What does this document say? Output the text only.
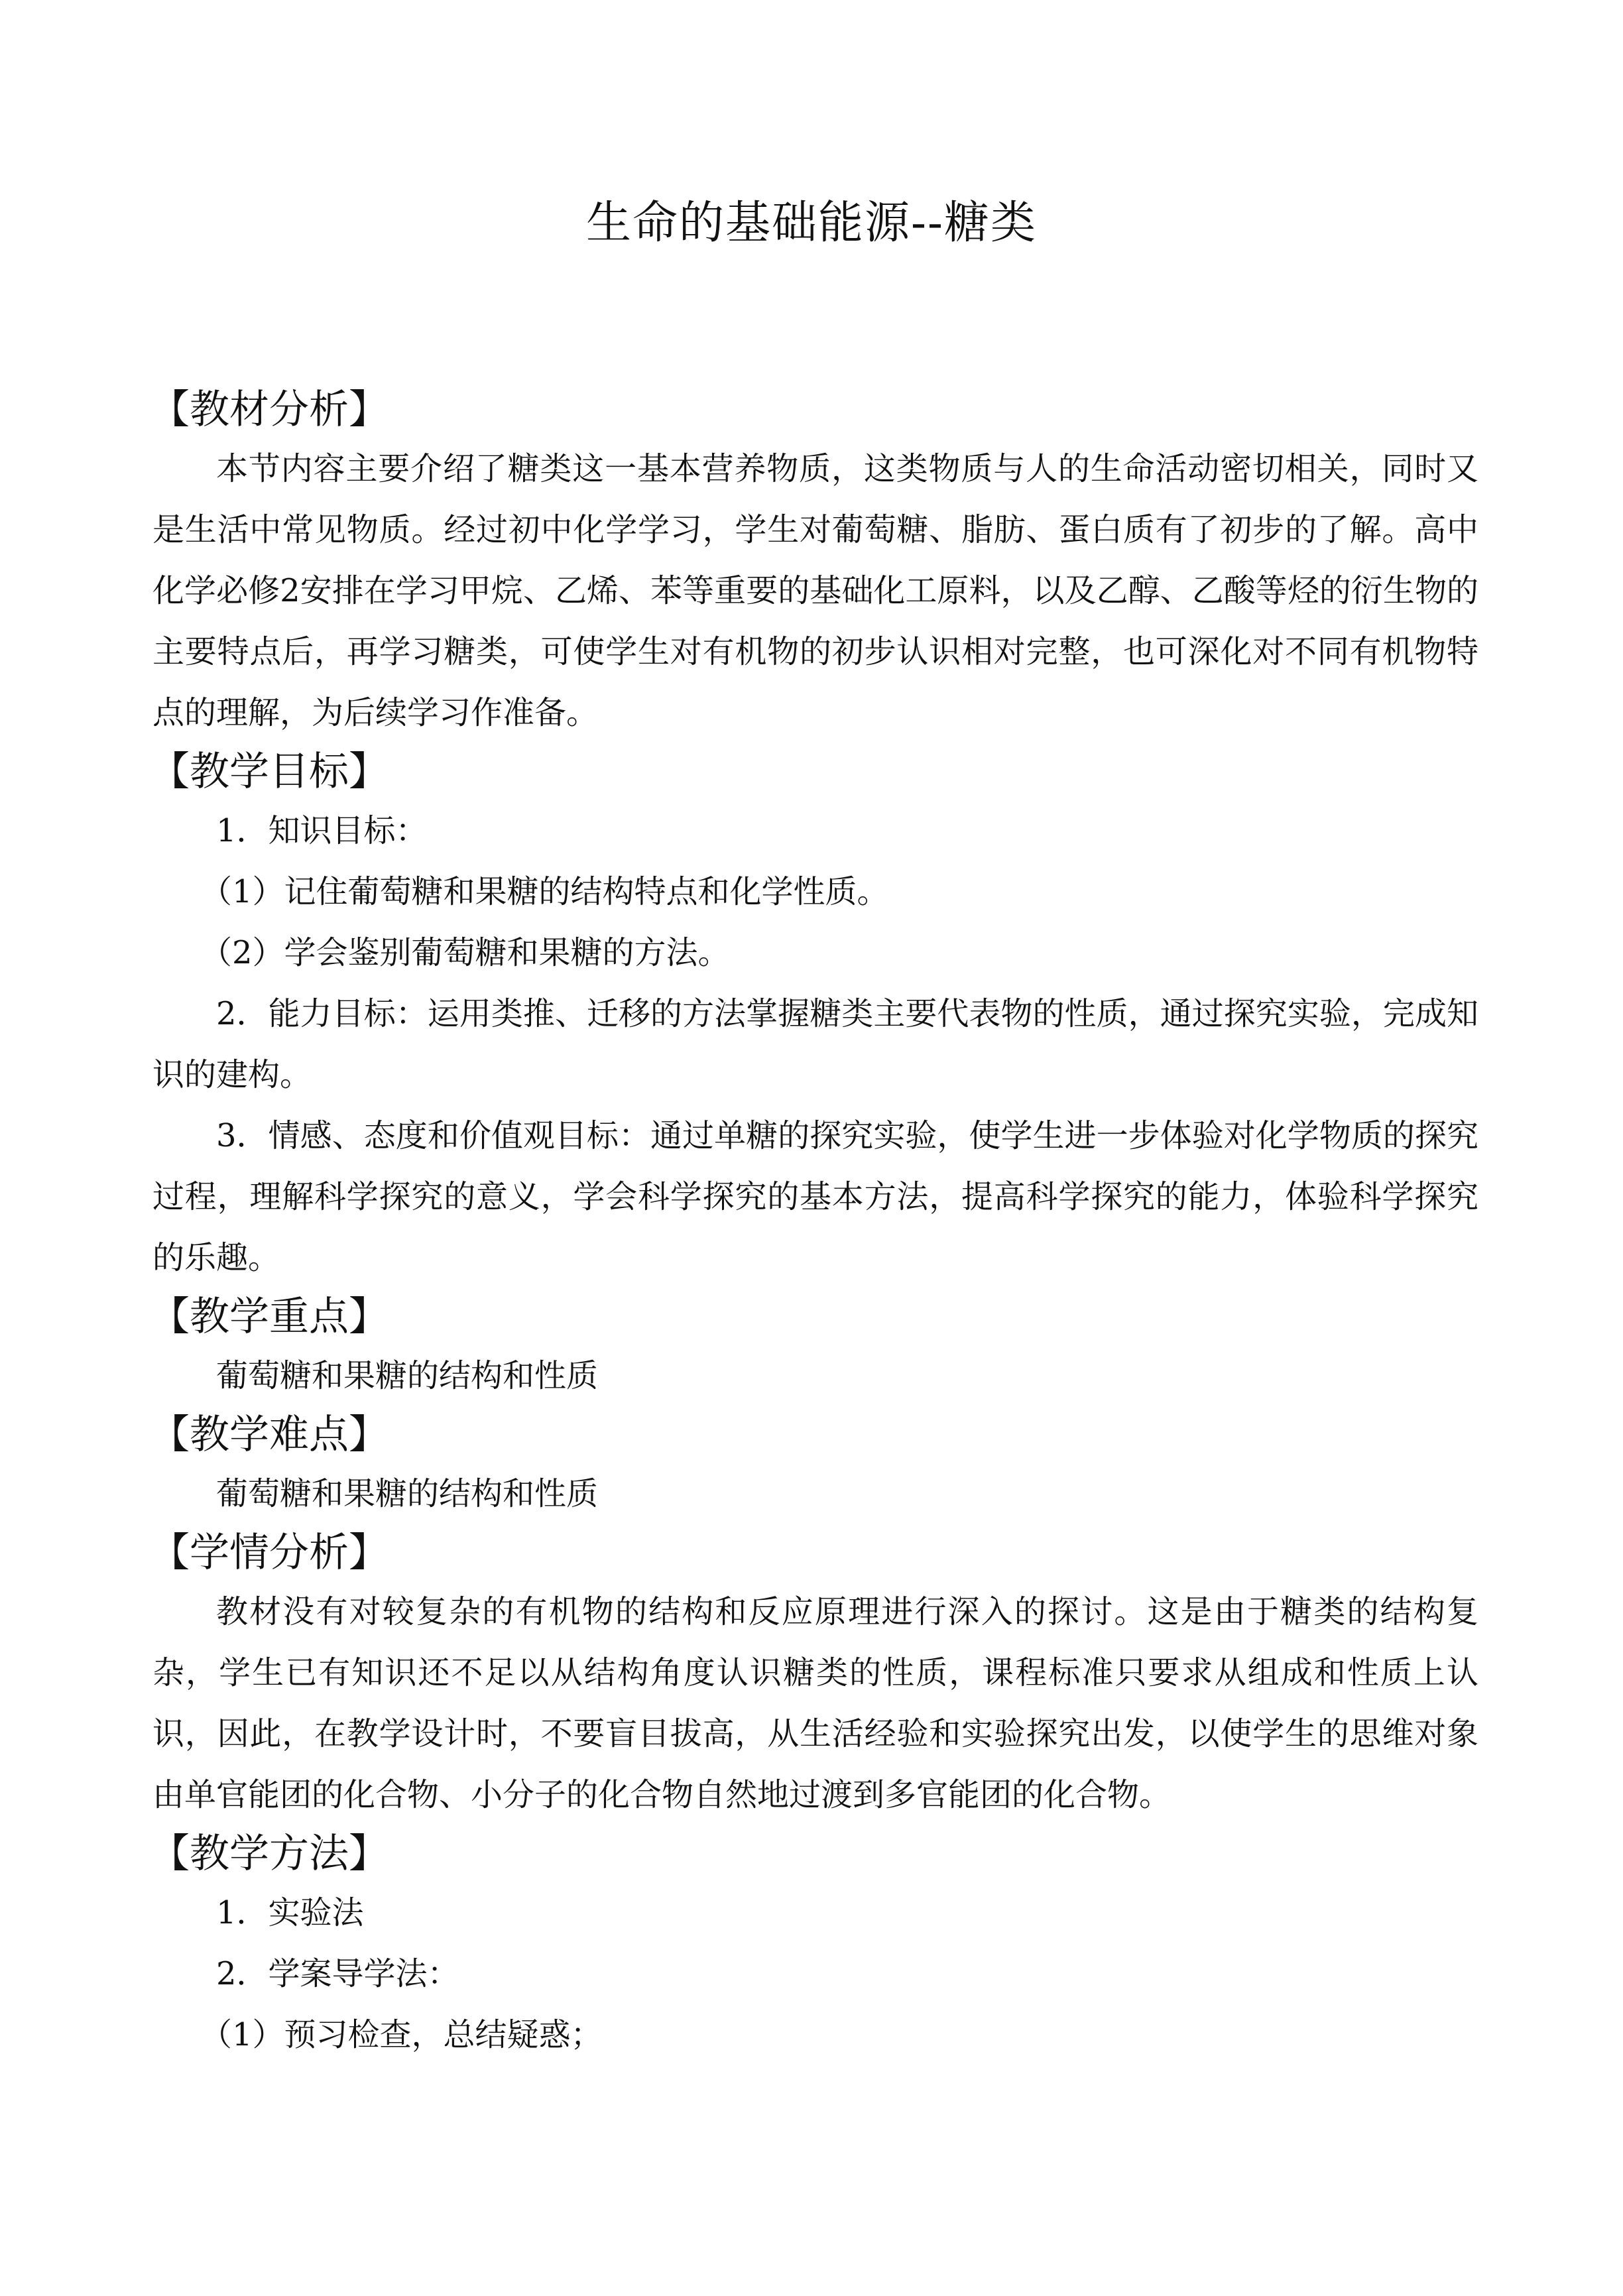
生命的基础能源--糖类
【教材分析】

本节内容主要介绍了糖类这一基本营养物质，这类物质与人的生命活动密切相关，同时又是生活中常见物质。经过初中化学学习，学生对葡萄糖、脂肪、蛋白质有了初步的了解。高中化学必修2安排在学习甲烷、乙烯、苯等重要的基础化工原料，以及乙醇、乙酸等烃的衍生物的主要特点后，再学习糖类，可使学生对有机物的初步认识相对完整，也可深化对不同有机物特点的理解，为后续学习作准备。

【教学目标】
1．知识目标：
（1）记住葡萄糖和果糖的结构特点和化学性质。
（2）学会鉴别葡萄糖和果糖的方法。

2．能力目标：运用类推、迁移的方法掌握糖类主要代表物的性质，通过探究实验，完成知识的建构。

3．情感、态度和价值观目标：通过单糖的探究实验，使学生进一步体验对化学物质的探究过程，理解科学探究的意义，学会科学探究的基本方法，提高科学探究的能力，体验科学探究的乐趣。

【教学重点】
葡萄糖和果糖的结构和性质
【教学难点】
葡萄糖和果糖的结构和性质
【学情分析】

教材没有对较复杂的有机物的结构和反应原理进行深入的探讨。这是由于糖类的结构复杂，学生已有知识还不足以从结构角度认识糖类的性质，课程标准只要求从组成和性质上认识，因此，在教学设计时，不要盲目拔高，从生活经验和实验探究出发，以使学生的思维对象由单官能团的化合物、小分子的化合物自然地过渡到多官能团的化合物。

【教学方法】
1．实验法
2．学案导学法：
（1）预习检查，总结疑惑；
